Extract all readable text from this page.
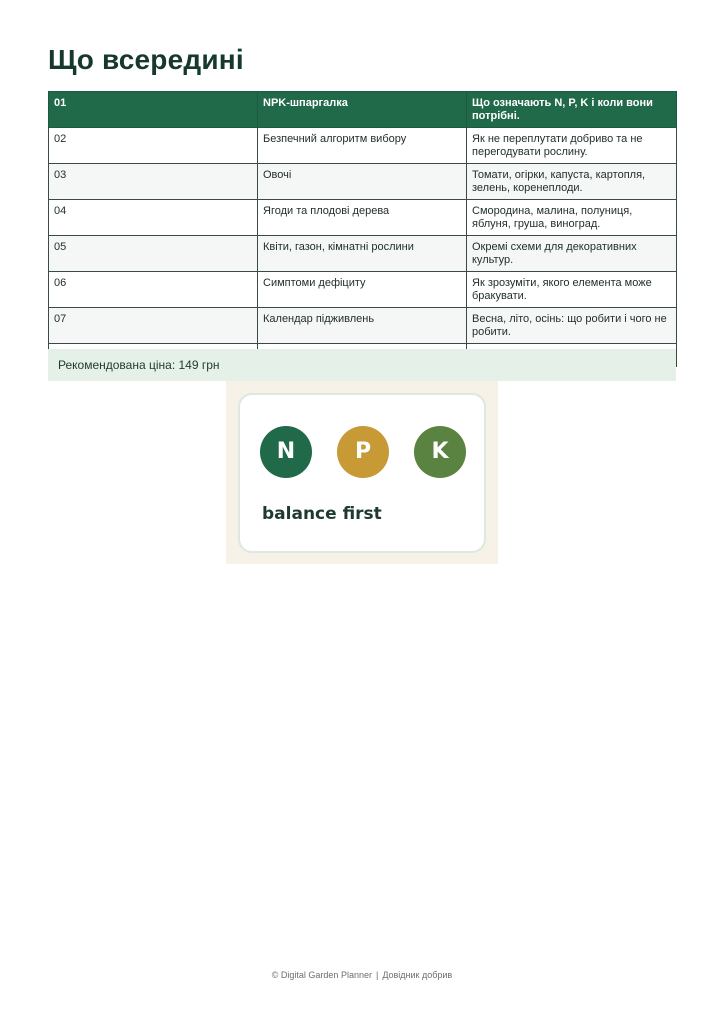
Що всередині
01	NPK-шпаргалка	Що означають N, P, K і коли вони потрібні.
02	Безпечний алгоритм вибору	Як не переплутати добриво та не перегодувати рослину.
03	Овочі	Томати, огірки, капуста, картопля, зелень, коренеплоди.
04	Ягоди та плодові дерева	Смородина, малина, полуниця, яблуня, груша, виноград.
05	Квіти, газон, кімнатні рослини	Окремі схеми для декоративних культур.
06	Симптоми дефіциту	Як зрозуміти, якого елемента може бракувати.
07	Календар підживлень	Весна, літо, осінь: що робити і чого не робити.

Рекомендована ціна: 149 грн
N	P	K
balance first
© Digital Garden Planner | Довідник добрив
